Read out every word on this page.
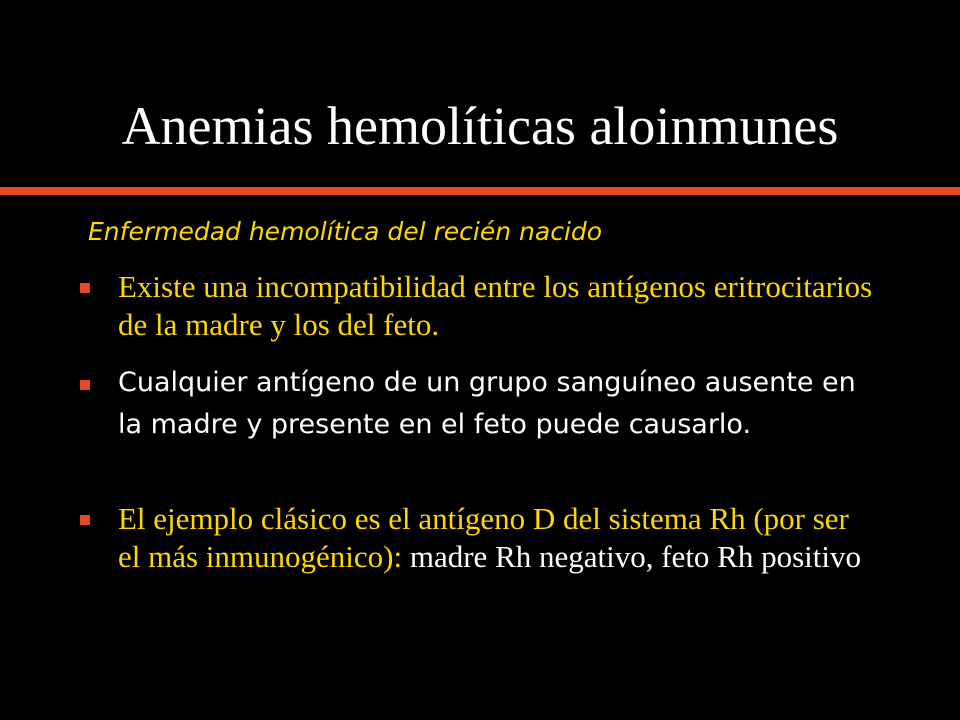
Anemias hemolíticas aloinmunes

Enfermedad hemolítica del recién nacido

Existe una incompatibilidad entre los antígenos eritrocitarios de la madre y los del feto.

Cualquier antígeno de un grupo sanguíneo ausente en la madre y presente en el feto puede causarlo.

El ejemplo clásico es el antígeno D del sistema Rh (por ser el más inmunogénico): madre Rh negativo, feto Rh positivo
